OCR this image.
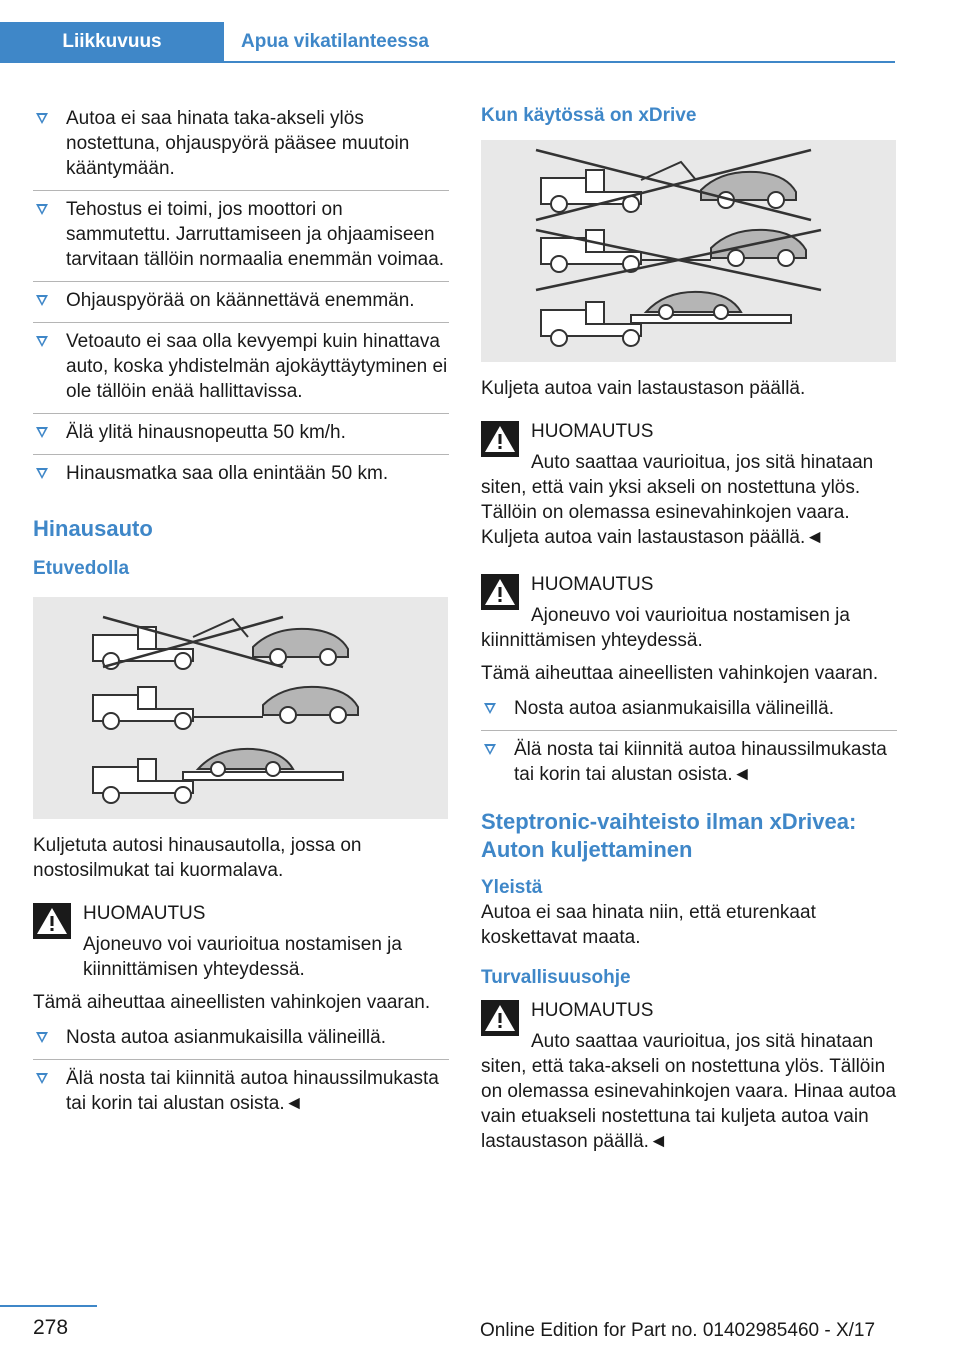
Liikkuvuus	Apua vikatilanteessa
Autoa ei saa hinata taka-akseli ylös nostettuna, ohjauspyörä pääsee muutoin kääntymään.
Tehostus ei toimi, jos moottori on sammutettu. Jarruttamiseen ja ohjaamiseen tarvitaan tällöin normaalia enemmän voimaa.
Ohjauspyörää on käännettävä enemmän.
Vetoauto ei saa olla kevyempi kuin hinattava auto, koska yhdistelmän ajokäyttäytyminen ei ole tällöin enää hallittavissa.
Älä ylitä hinausnopeutta 50 km/h.
Hinausmatka saa olla enintään 50 km.
Hinausauto
Etuvedolla
Kuljetuta autosi hinausautolla, jossa on nostosilmukat tai kuormalava.
HUOMAUTUS
Ajoneuvo voi vaurioitua nostamisen ja kiinnittämisen yhteydessä.
Tämä aiheuttaa aineellisten vahinkojen vaaran.
Nosta autoa asianmukaisilla välineillä.
Älä nosta tai kiinnitä autoa hinaussilmukasta tai korin tai alustan osista.◄
Kun käytössä on xDrive
Kuljeta autoa vain lastaustason päällä.
HUOMAUTUS
Auto saattaa vaurioitua, jos sitä hinataan siten, että vain yksi akseli on nostettuna ylös. Tällöin on olemassa esinevahinkojen vaara. Kuljeta autoa vain lastaustason päällä.◄
HUOMAUTUS
Ajoneuvo voi vaurioitua nostamisen ja kiinnittämisen yhteydessä.
Tämä aiheuttaa aineellisten vahinkojen vaaran.
Nosta autoa asianmukaisilla välineillä.
Älä nosta tai kiinnitä autoa hinaussilmukasta tai korin tai alustan osista.◄
Steptronic-vaihteisto ilman xDrivea: Auton kuljettaminen
Yleistä
Autoa ei saa hinata niin, että eturenkaat koskettavat maata.
Turvallisuusohje
HUOMAUTUS
Auto saattaa vaurioitua, jos sitä hinataan siten, että taka-akseli on nostettuna ylös. Tällöin on olemassa esinevahinkojen vaara. Hinaa autoa vain etuakseli nostettuna tai kuljeta autoa vain lastaustason päällä.◄
278	Online Edition for Part no. 01402985460 - X/17
